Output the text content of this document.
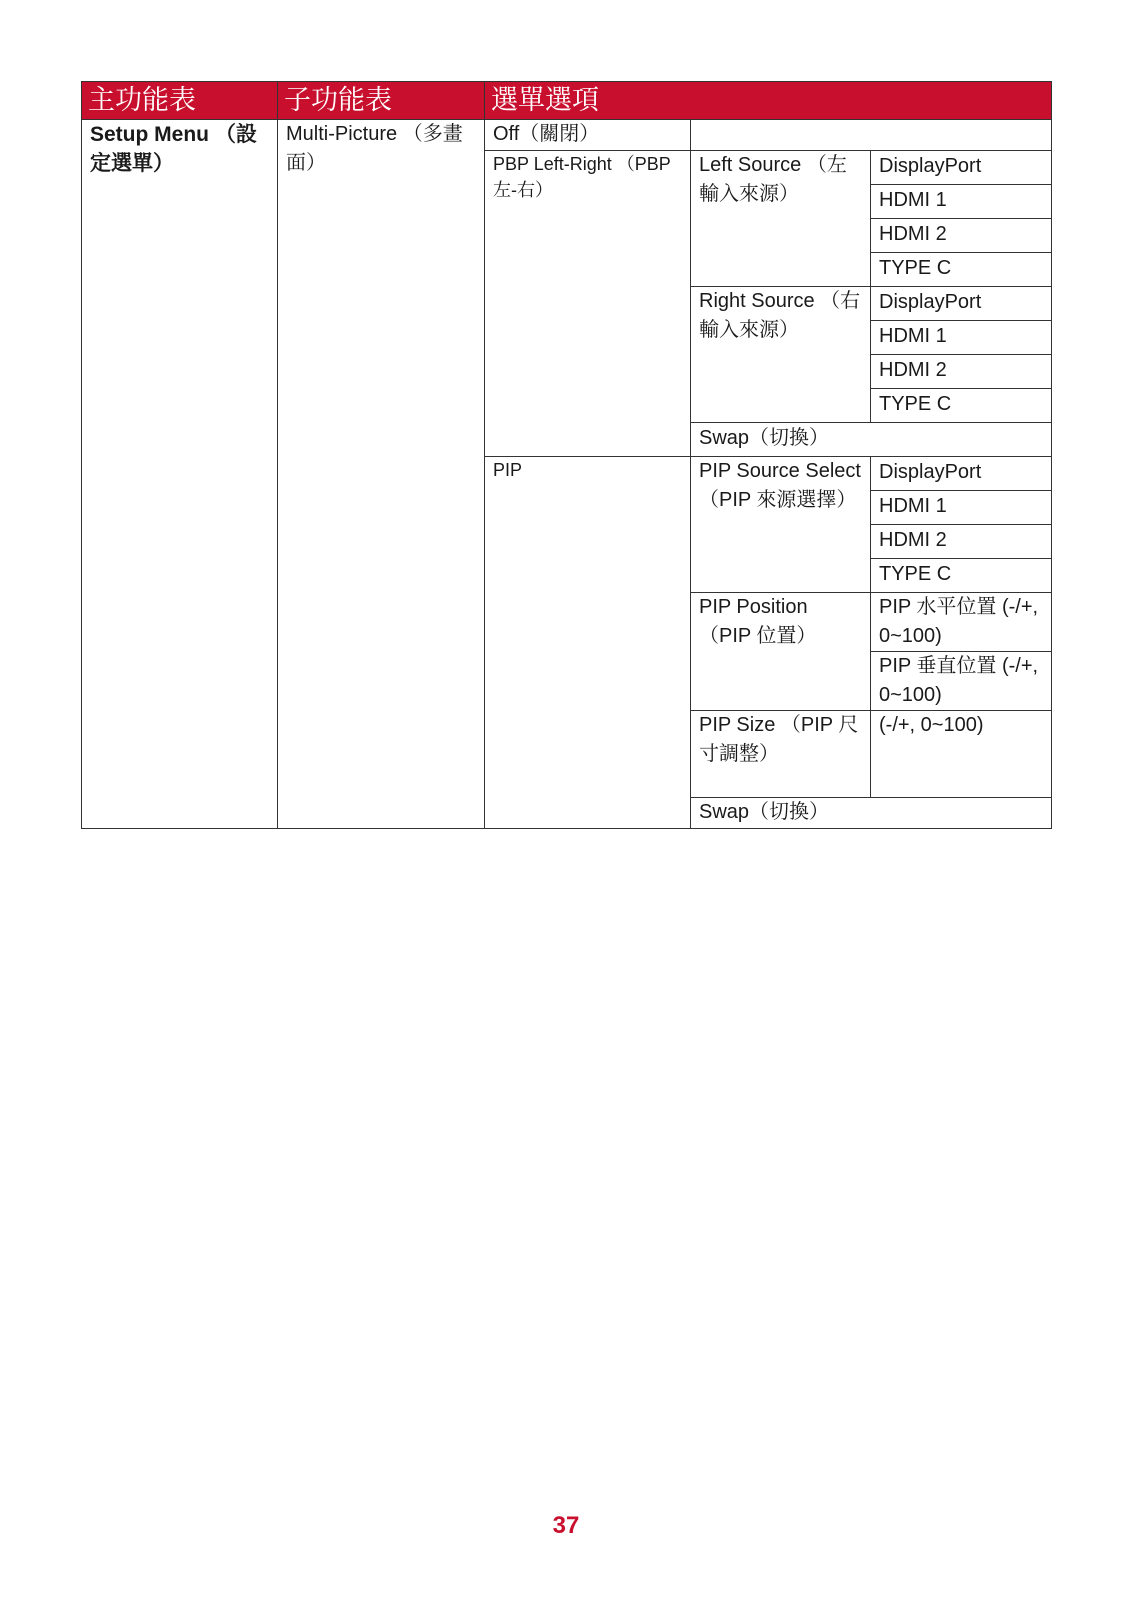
主功能表	子功能表	選單選項		
Setup Menu （設定選單）	Multi-Picture （多畫面）	Off（關閉）		
		PBP Left-Right （PBP 左-右）	Left Source （左輸入來源）	DisplayPort
				HDMI 1
				HDMI 2
				TYPE C
			Right Source （右輸入來源）	DisplayPort
				HDMI 1
				HDMI 2
				TYPE C
			Swap（切換）	
		PIP	PIP Source Select （PIP 來源選擇）	DisplayPort
				HDMI 1
				HDMI 2
				TYPE C
			PIP Position （PIP 位置）	PIP 水平位置 (-/+, 0~100)
				PIP 垂直位置 (-/+, 0~100)
			PIP Size （PIP 尺寸調整）	(-/+, 0~100)
			Swap（切換）	
37
